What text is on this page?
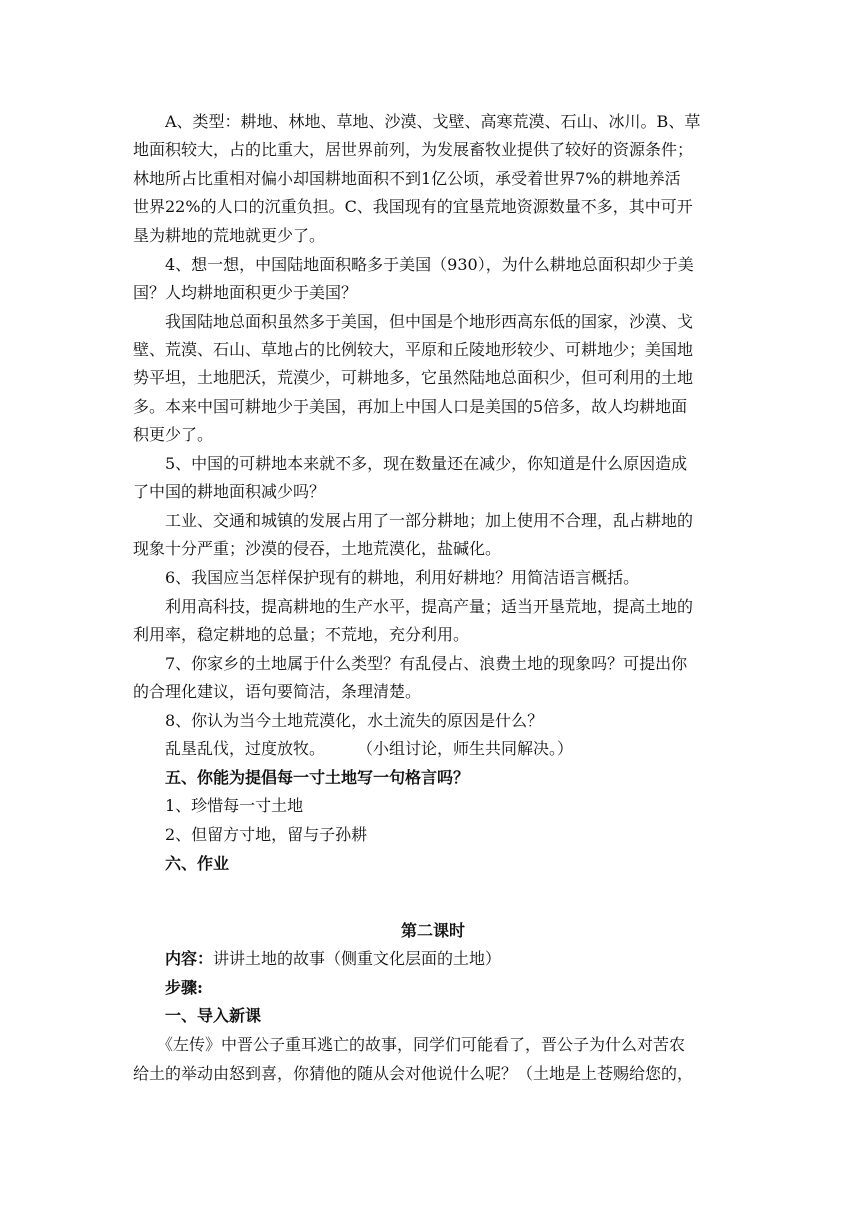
　　A、类型：耕地、林地、草地、沙漠、戈壁、高寒荒漠、石山、冰川。B、草
地面积较大，占的比重大，居世界前列，为发展畜牧业提供了较好的资源条件；
林地所占比重相对偏小却国耕地面积不到1亿公顷，承受着世界7%的耕地养活
世界22%的人口的沉重负担。C、我国现有的宜垦荒地资源数量不多，其中可开
垦为耕地的荒地就更少了。
　　4、想一想，中国陆地面积略多于美国（930），为什么耕地总面积却少于美
国？人均耕地面积更少于美国？
　　我国陆地总面积虽然多于美国，但中国是个地形西高东低的国家，沙漠、戈
壁、荒漠、石山、草地占的比例较大，平原和丘陵地形较少、可耕地少；美国地
势平坦，土地肥沃，荒漠少，可耕地多，它虽然陆地总面积少，但可利用的土地
多。本来中国可耕地少于美国，再加上中国人口是美国的5倍多，故人均耕地面
积更少了。
　　5、中国的可耕地本来就不多，现在数量还在减少，你知道是什么原因造成
了中国的耕地面积减少吗？
　　工业、交通和城镇的发展占用了一部分耕地；加上使用不合理，乱占耕地的
现象十分严重；沙漠的侵吞，土地荒漠化，盐碱化。
　　6、我国应当怎样保护现有的耕地，利用好耕地？用简洁语言概括。
　　利用高科技，提高耕地的生产水平，提高产量；适当开垦荒地，提高土地的
利用率，稳定耕地的总量；不荒地，充分利用。
　　7、你家乡的土地属于什么类型？有乱侵占、浪费土地的现象吗？可提出你
的合理化建议，语句要简洁，条理清楚。
　　8、你认为当今土地荒漠化，水土流失的原因是什么？
　　乱垦乱伐，过度放牧。　　　（小组讨论，师生共同解决。）
　　五、你能为提倡每一寸土地写一句格言吗？
　　1、珍惜每一寸土地
　　2、但留方寸地，留与子孙耕
　　六、作业
第二课时
　　内容：讲讲土地的故事（侧重文化层面的土地）
　　步骤:
　　一、导入新课
　　《左传》中晋公子重耳逃亡的故事，同学们可能看了，晋公子为什么对苦农
给土的举动由怒到喜，你猜他的随从会对他说什么呢？（土地是上苍赐给您的，
